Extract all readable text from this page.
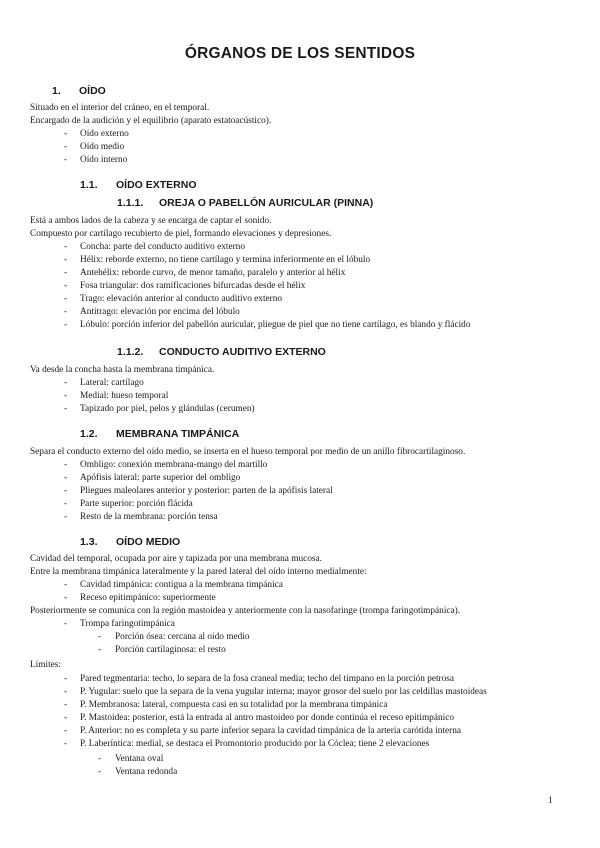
ÓRGANOS DE LOS SENTIDOS
1. OÍDO
Situado en el interior del cráneo, en el temporal.
Encargado de la audición y el equilibrio (aparato estatoacústico).
- Oído externo
- Oído medio
- Oído interno
1.1. OÍDO EXTERNO
1.1.1. OREJA O PABELLÓN AURICULAR (PINNA)
Está a ambos lados de la cabeza y se encarga de captar el sonido.
Compuesto por cartílago recubierto de piel, formando elevaciones y depresiones.
- Concha: parte del conducto auditivo externo
- Hélix: reborde externo, no tiene cartílago y termina inferiormente en el lóbulo
- Antehélix: reborde curvo, de menor tamaño, paralelo y anterior al hélix
- Fosa triangular: dos ramificaciones bifurcadas desde el hélix
- Trago: elevación anterior al conducto auditivo externo
- Antitrago: elevación por encima del lóbulo
- Lóbulo: porción inferior del pabellón auricular, pliegue de piel que no tiene cartílago, es blando y flácido
1.1.2. CONDUCTO AUDITIVO EXTERNO
Va desde la concha hasta la membrana timpánica.
- Lateral: cartílago
- Medial: hueso temporal
- Tapizado por piel, pelos y glándulas (cerumen)
1.2. MEMBRANA TIMPÁNICA
Separa el conducto externo del oído medio, se inserta en el hueso temporal por medio de un anillo fibrocartilaginoso.
- Ombligo: conexión membrana-mango del martillo
- Apófisis lateral: parte superior del ombligo
- Pliegues maleolares anterior y posterior: parten de la apófisis lateral
- Parte superior: porción flácida
- Resto de la membrana: porción tensa
1.3. OÍDO MEDIO
Cavidad del temporal, ocupada por aire y tapizada por una membrana mucosa.
Entre la membrana timpánica lateralmente y la pared lateral del oído interno medialmente:
- Cavidad timpánica: contigua a la membrana timpánica
- Receso epitimpánico: superiormente
Posteriormente se comunica con la región mastoidea y anteriormente con la nasofaringe (trompa faringotimpánica).
- Trompa faringotimpánica
- Porción ósea: cercana al oído medio
- Porción cartilaginosa: el resto
Límites:
- Pared tegmentaria: techo, lo separa de la fosa craneal media; techo del tímpano en la porción petrosa
- P. Yugular: suelo que la separa de la vena yugular interna; mayor grosor del suelo por las celdillas mastoideas
- P. Membranosa: lateral, compuesta casi en su totalidad por la membrana timpánica
- P. Mastoidea: posterior, está la entrada al antro mastoideo por donde continúa el receso epitimpánico
- P. Anterior: no es completa y su parte inferior separa la cavidad timpánica de la arteria carótida interna
- P. Laberíntica: medial, se destaca el Promontorio producido por la Cóclea; tiene 2 elevaciones
- Ventana oval
- Ventana redonda
1
